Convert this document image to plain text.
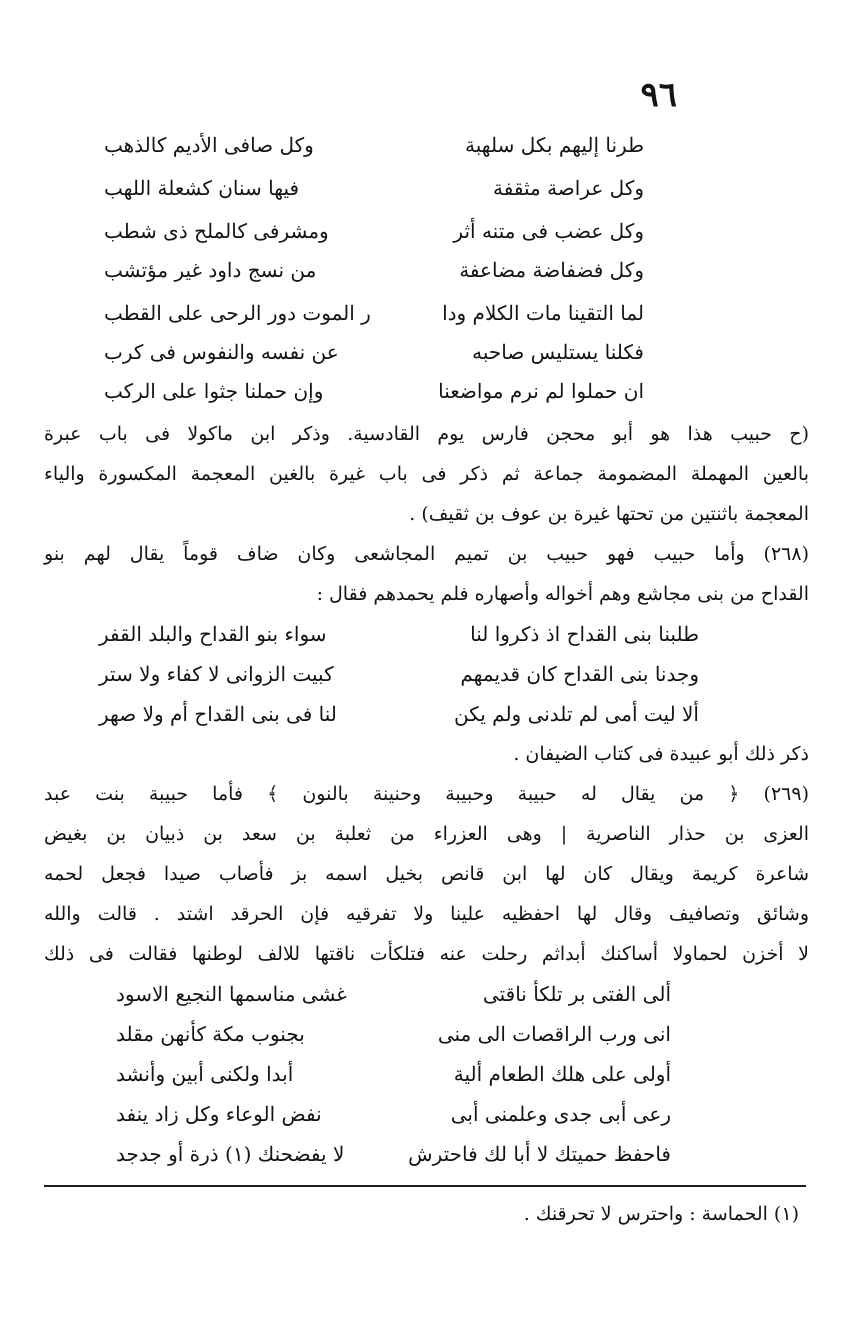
٩٦
طرنا إليهم بكل سلهبة
وكل صافى الأديم كالذهب
وكل عراصة مثقفة
فيها سنان كشعلة اللهب
وكل عضب فى متنه أثر
ومشرفى كالملح ذى شطب
وكل فضفاضة مضاعفة
من نسج داود غير مؤتشب
لما التقينا مات الكلام ودا
ر الموت دور الرحى على القطب
فكلنا يستليس صاحبه
عن نفسه والنفوس فى كرب
ان حملوا لم نرم مواضعنا
وإن حملنا جثوا على الركب
(ح حبيب هذا هو أبو محجن فارس يوم القادسية. وذكر ابن ماكولا فى باب عبرة
بالعين المهملة المضمومة جماعة ثم ذكر فى باب غيرة بالغين المعجمة المكسورة والياء
المعجمة باثنتين من تحتها غيرة بن عوف بن ثقيف) .
(٢٦٨) وأما حبيب فهو حبيب بن تميم المجاشعى وكان ضاف قوماً يقال لهم بنو
القداح من بنى مجاشع وهم أخواله وأصهاره فلم يحمدهم فقال :
طلبنا بنى القداح اذ ذكروا لنا
سواء بنو القداح والبلد القفر
وجدنا بنى القداح كان قديمهم
كبيت الزوانى لا كفاء ولا ستر
ألا ليت أمى لم تلدنى ولم يكن
لنا فى بنى القداح أم ولا صهر
ذكر ذلك أبو عبيدة فى كتاب الضيفان .
(٢٦٩) ﴿ من يقال له حبيبة وحبيبة وحنينة بالنون ﴾ فأما حبيبة بنت عبد
العزى بن حذار الناصرية | وهى العزراء من ثعلبة بن سعد بن ذبيان بن بغيض
شاعرة كريمة ويقال كان لها ابن قانص بخيل اسمه بز فأصاب صيدا فجعل لحمه
وشائق وتصافيف وقال لها احفظيه علينا ولا تفرقيه فإن الحرقد اشتد . قالت والله
لا أخزن لحماولا أساكنك أبداثم رحلت عنه فتلكأت ناقتها للالف لوطنها فقالت فى ذلك
ألى الفتى بر تلكأ ناقتى
غشى مناسمها النجيع الاسود
انى ورب الراقصات الى منى
بجنوب مكة كأنهن مقلد
أولى على هلك الطعام ألية
أبدا ولكنى أبين وأنشد
رعى أبى جدى وعلمنى أبى
نفض الوعاء وكل زاد ينفد
فاحفظ حميتك لا أبا لك فاحترش
لا يفضحنك (١) ذرة أو جدجد
(١) الحماسة : واحترس لا تحرقنك .
